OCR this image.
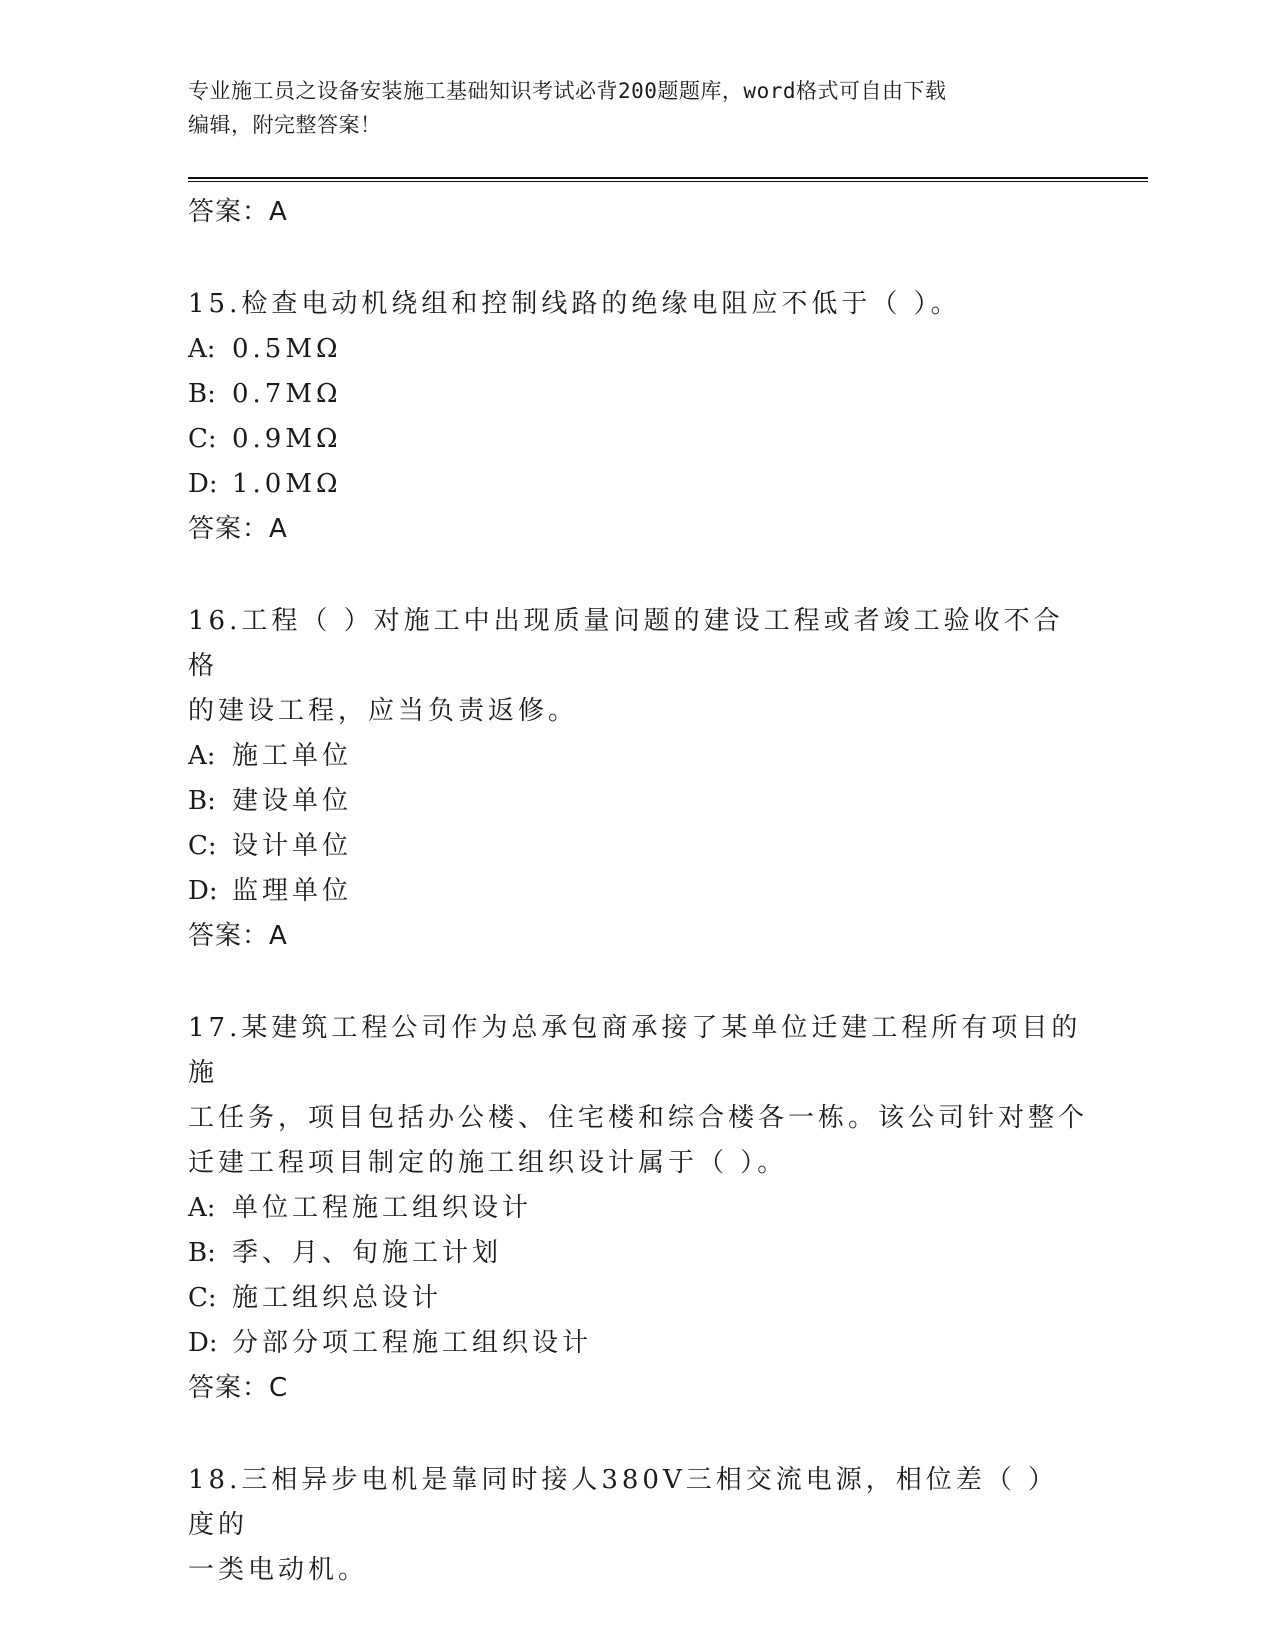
专业施工员之设备安装施工基础知识考试必背200题题库，word格式可自由下载
编辑，附完整答案！
答案：A
15.检查电动机绕组和控制线路的绝缘电阻应不低于（ ）。
A: 0.5MΩ
B: 0.7MΩ
C: 0.9MΩ
D: 1.0MΩ
答案：A
16.工程（ ）对施工中出现质量问题的建设工程或者竣工验收不合格
的建设工程，应当负责返修。
A: 施工单位
B: 建设单位
C: 设计单位
D: 监理单位
答案：A
17.某建筑工程公司作为总承包商承接了某单位迁建工程所有项目的施
工任务，项目包括办公楼、住宅楼和综合楼各一栋。该公司针对整个
迁建工程项目制定的施工组织设计属于（ ）。
A: 单位工程施工组织设计
B: 季、月、旬施工计划
C: 施工组织总设计
D: 分部分项工程施工组织设计
答案：C
18.三相异步电机是靠同时接人380V三相交流电源，相位差（ ）度的
一类电动机。
